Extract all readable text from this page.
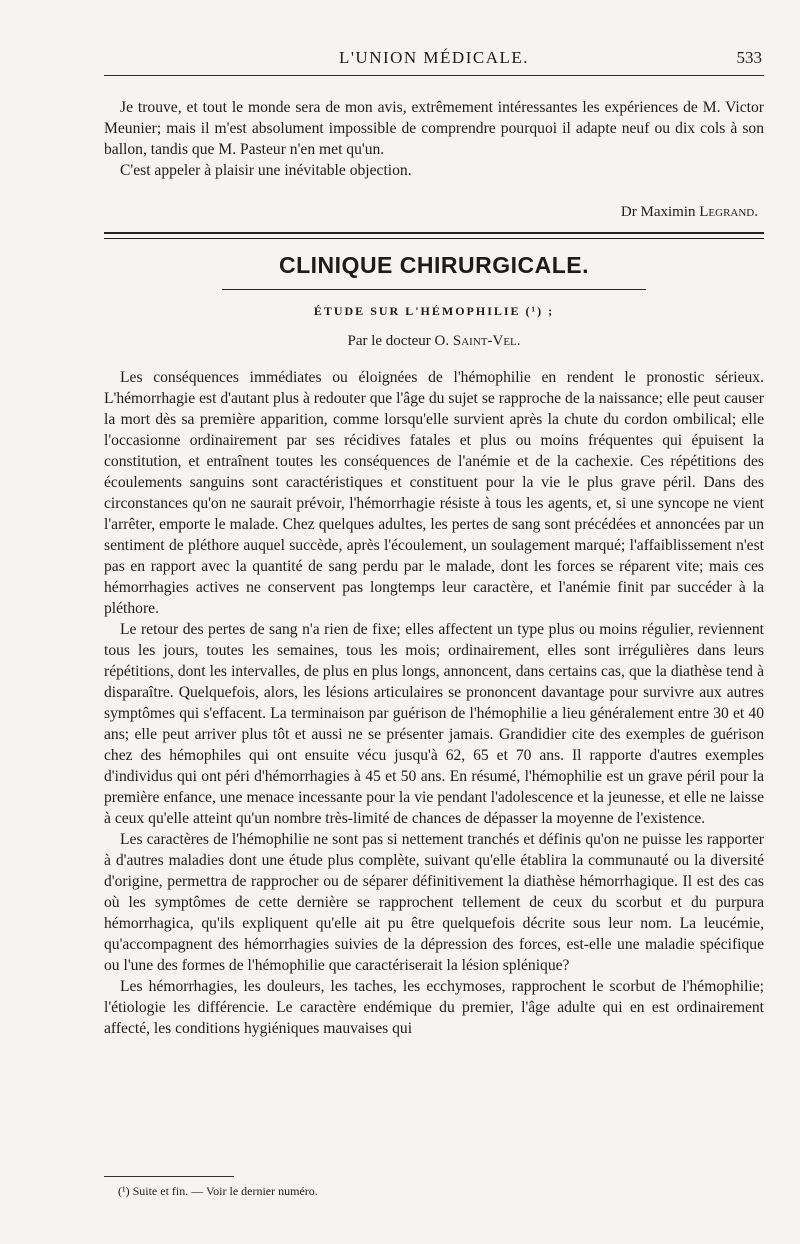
L'UNION MÉDICALE.	533

Je trouve, et tout le monde sera de mon avis, extrêmement intéressantes les expériences de M. Victor Meunier; mais il m'est absolument impossible de comprendre pourquoi il adapte neuf ou dix cols à son ballon, tandis que M. Pasteur n'en met qu'un.

C'est appeler à plaisir une inévitable objection.

Dr Maximin Legrand.
CLINIQUE CHIRURGICALE.
ÉTUDE SUR L'HÉMOPHILIE (¹) ;
Par le docteur O. Saint-Vel.

Les conséquences immédiates ou éloignées de l'hémophilie en rendent le pronostic sérieux. L'hémorrhagie est d'autant plus à redouter que l'âge du sujet se rapproche de la naissance; elle peut causer la mort dès sa première apparition, comme lorsqu'elle survient après la chute du cordon ombilical; elle l'occasionne ordinairement par ses récidives fatales et plus ou moins fréquentes qui épuisent la constitution, et entraînent toutes les conséquences de l'anémie et de la cachexie. Ces répétitions des écoulements sanguins sont caractéristiques et constituent pour la vie le plus grave péril. Dans des circonstances qu'on ne saurait prévoir, l'hémorrhagie résiste à tous les agents, et, si une syncope ne vient l'arrêter, emporte le malade. Chez quelques adultes, les pertes de sang sont précédées et annoncées par un sentiment de pléthore auquel succède, après l'écoulement, un soulagement marqué; l'affaiblissement n'est pas en rapport avec la quantité de sang perdu par le malade, dont les forces se réparent vite; mais ces hémorrhagies actives ne conservent pas longtemps leur caractère, et l'anémie finit par succéder à la pléthore.

Le retour des pertes de sang n'a rien de fixe; elles affectent un type plus ou moins régulier, reviennent tous les jours, toutes les semaines, tous les mois; ordinairement, elles sont irrégulières dans leurs répétitions, dont les intervalles, de plus en plus longs, annoncent, dans certains cas, que la diathèse tend à disparaître. Quelquefois, alors, les lésions articulaires se prononcent davantage pour survivre aux autres symptômes qui s'effacent. La terminaison par guérison de l'hémophilie a lieu généralement entre 30 et 40 ans; elle peut arriver plus tôt et aussi ne se présenter jamais. Grandidier cite des exemples de guérison chez des hémophiles qui ont ensuite vécu jusqu'à 62, 65 et 70 ans. Il rapporte d'autres exemples d'individus qui ont péri d'hémorrhagies à 45 et 50 ans. En résumé, l'hémophilie est un grave péril pour la première enfance, une menace incessante pour la vie pendant l'adolescence et la jeunesse, et elle ne laisse à ceux qu'elle atteint qu'un nombre très-limité de chances de dépasser la moyenne de l'existence.

Les caractères de l'hémophilie ne sont pas si nettement tranchés et définis qu'on ne puisse les rapporter à d'autres maladies dont une étude plus complète, suivant qu'elle établira la communauté ou la diversité d'origine, permettra de rapprocher ou de séparer définitivement la diathèse hémorrhagique. Il est des cas où les symptômes de cette dernière se rapprochent tellement de ceux du scorbut et du purpura hémorrhagica, qu'ils expliquent qu'elle ait pu être quelquefois décrite sous leur nom. La leucémie, qu'accompagnent des hémorrhagies suivies de la dépression des forces, est-elle une maladie spécifique ou l'une des formes de l'hémophilie que caractériserait la lésion splénique?

Les hémorrhagies, les douleurs, les taches, les ecchymoses, rapprochent le scorbut de l'hémophilie; l'étiologie les différencie. Le caractère endémique du premier, l'âge adulte qui en est ordinairement affecté, les conditions hygiéniques mauvaises qui

(¹) Suite et fin. — Voir le dernier numéro.
